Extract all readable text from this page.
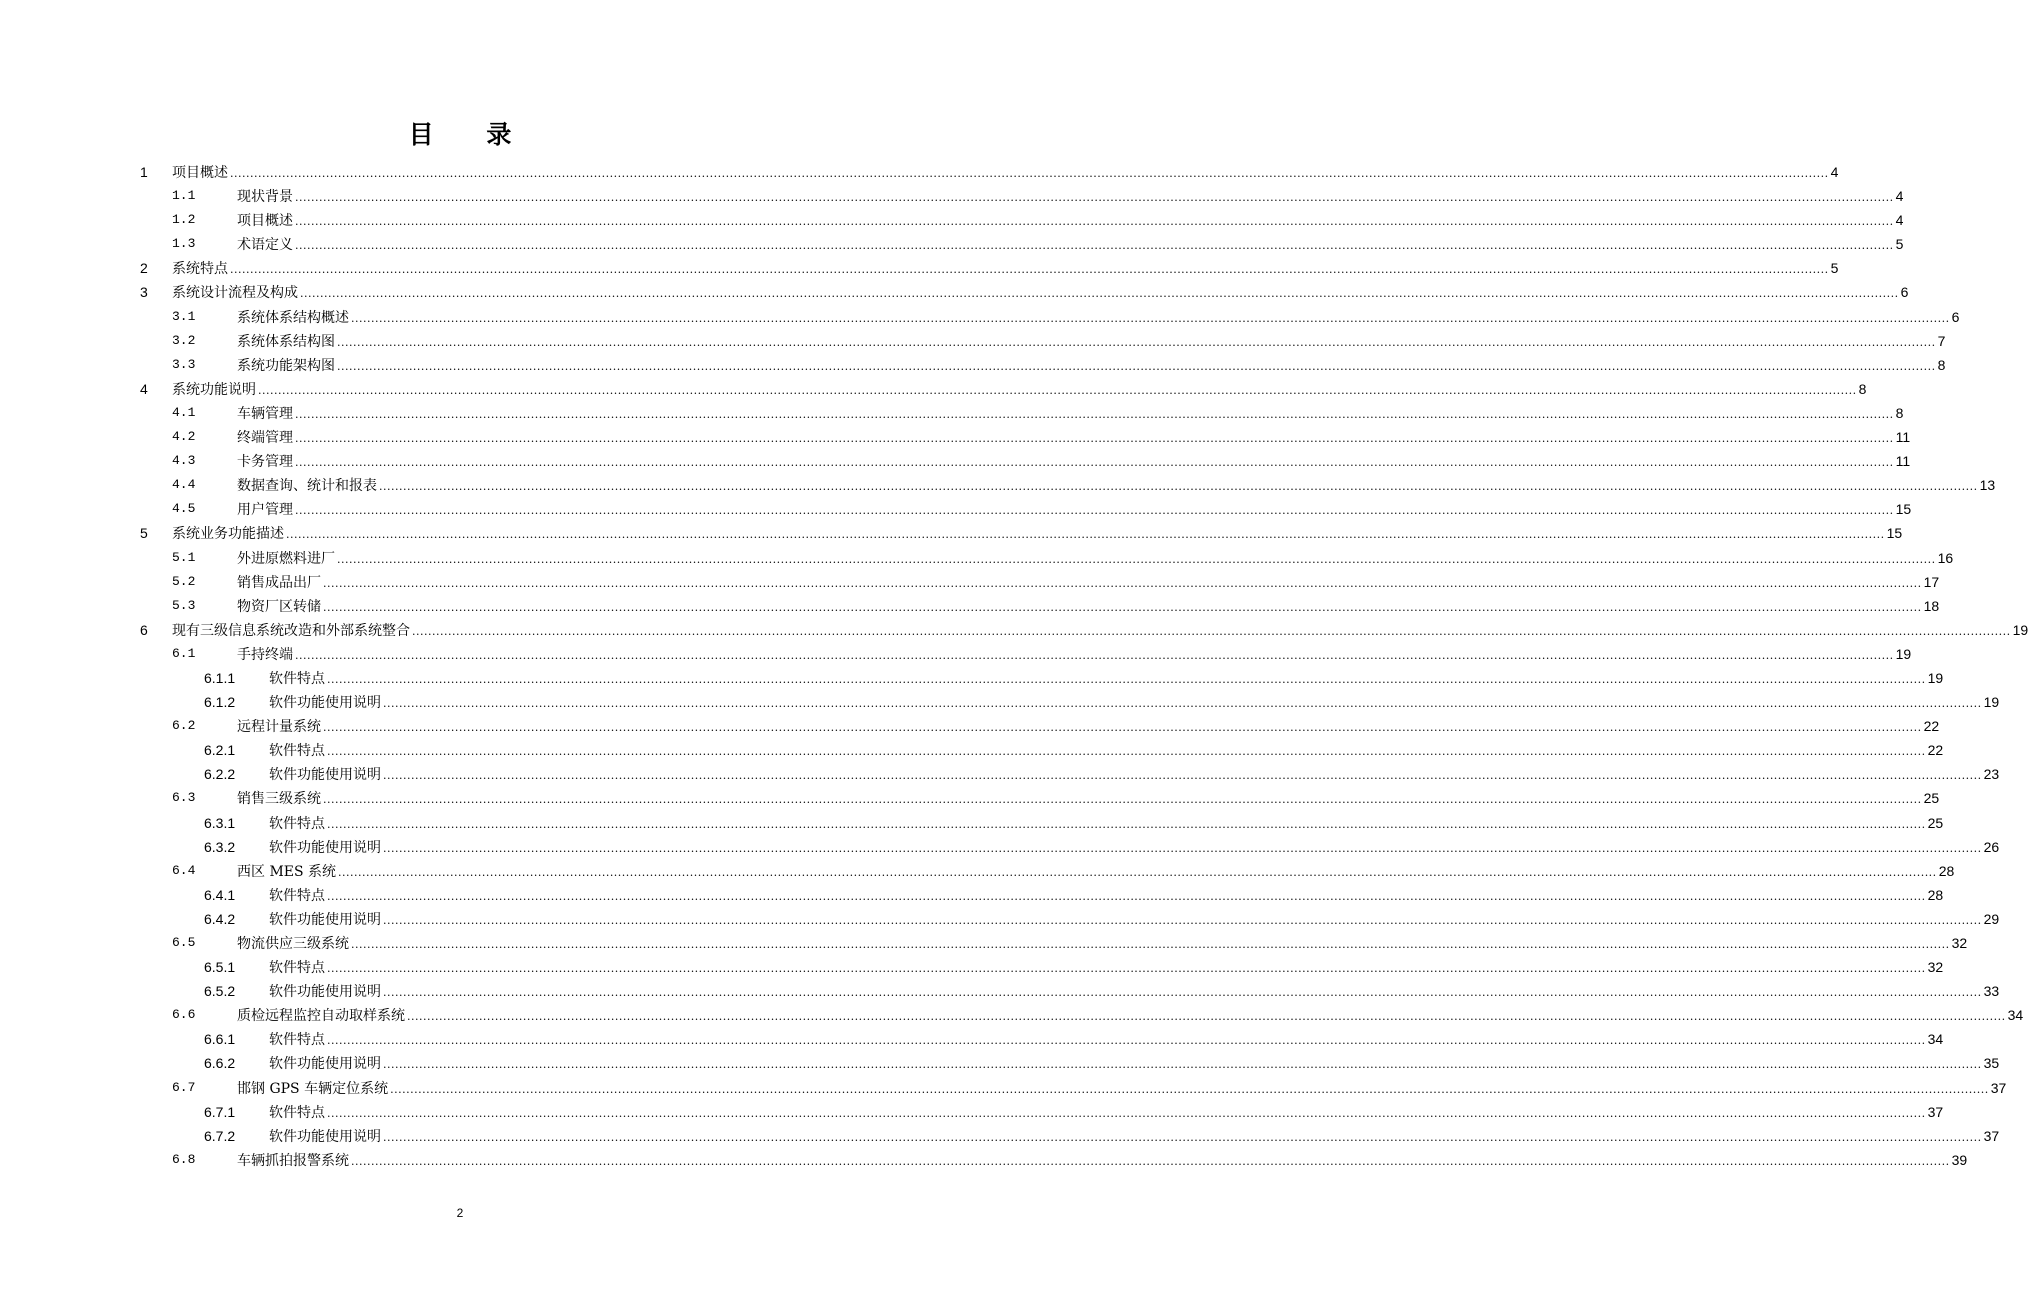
目 录
1 项目概述 ................................................................................................................................................................................................................................................................................................................................................................................................................ 4
1.1	现状背景 ................................................................................................................................................................................................................................................................................................................................................................................................................ 4
1.2	项目概述 ................................................................................................................................................................................................................................................................................................................................................................................................................ 4
1.3	术语定义 ................................................................................................................................................................................................................................................................................................................................................................................................................ 5
2 系统特点 ................................................................................................................................................................................................................................................................................................................................................................................................................ 5
3 系统设计流程及构成 ................................................................................................................................................................................................................................................................................................................................................................................................................ 6
3.1	系统体系结构概述 ................................................................................................................................................................................................................................................................................................................................................................................................................ 6
3.2	系统体系结构图 ................................................................................................................................................................................................................................................................................................................................................................................................................ 7
3.3	系统功能架构图 ................................................................................................................................................................................................................................................................................................................................................................................................................ 8
4 系统功能说明 ................................................................................................................................................................................................................................................................................................................................................................................................................ 8
4.1	车辆管理 ................................................................................................................................................................................................................................................................................................................................................................................................................ 8
4.2	终端管理 ................................................................................................................................................................................................................................................................................................................................................................................................................ 11
4.3	卡务管理 ................................................................................................................................................................................................................................................................................................................................................................................................................ 11
4.4	数据查询、统计和报表 ................................................................................................................................................................................................................................................................................................................................................................................................................ 13
4.5	用户管理 ................................................................................................................................................................................................................................................................................................................................................................................................................ 15
5 系统业务功能描述 ................................................................................................................................................................................................................................................................................................................................................................................................................ 15
5.1	外进原燃料进厂 ................................................................................................................................................................................................................................................................................................................................................................................................................ 16
5.2	销售成品出厂 ................................................................................................................................................................................................................................................................................................................................................................................................................ 17
5.3	物资厂区转储 ................................................................................................................................................................................................................................................................................................................................................................................................................ 18
6 现有三级信息系统改造和外部系统整合 ................................................................................................................................................................................................................................................................................................................................................................................................................ 19
6.1	手持终端 ................................................................................................................................................................................................................................................................................................................................................................................................................ 19
6.1.1 软件特点 ................................................................................................................................................................................................................................................................................................................................................................................................................ 19
6.1.2 软件功能使用说明 ................................................................................................................................................................................................................................................................................................................................................................................................................ 19
6.2	远程计量系统 ................................................................................................................................................................................................................................................................................................................................................................................................................ 22
6.2.1 软件特点 ................................................................................................................................................................................................................................................................................................................................................................................................................ 22
6.2.2 软件功能使用说明 ................................................................................................................................................................................................................................................................................................................................................................................................................ 23
6.3	销售三级系统 ................................................................................................................................................................................................................................................................................................................................................................................................................ 25
6.3.1 软件特点 ................................................................................................................................................................................................................................................................................................................................................................................................................ 25
6.3.2 软件功能使用说明 ................................................................................................................................................................................................................................................................................................................................................................................................................ 26
6.4	西区 MES 系统 ................................................................................................................................................................................................................................................................................................................................................................................................................ 28
6.4.1 软件特点 ................................................................................................................................................................................................................................................................................................................................................................................................................ 28
6.4.2 软件功能使用说明 ................................................................................................................................................................................................................................................................................................................................................................................................................ 29
6.5	物流供应三级系统 ................................................................................................................................................................................................................................................................................................................................................................................................................ 32
6.5.1 软件特点 ................................................................................................................................................................................................................................................................................................................................................................................................................ 32
6.5.2 软件功能使用说明 ................................................................................................................................................................................................................................................................................................................................................................................................................ 33
6.6	质检远程监控自动取样系统 ................................................................................................................................................................................................................................................................................................................................................................................................................ 34
6.6.1 软件特点 ................................................................................................................................................................................................................................................................................................................................................................................................................ 34
6.6.2 软件功能使用说明 ................................................................................................................................................................................................................................................................................................................................................................................................................ 35
6.7	邯钢 GPS 车辆定位系统 ................................................................................................................................................................................................................................................................................................................................................................................................................ 37
6.7.1 软件特点 ................................................................................................................................................................................................................................................................................................................................................................................................................ 37
6.7.2 软件功能使用说明 ................................................................................................................................................................................................................................................................................................................................................................................................................ 37
6.8	车辆抓拍报警系统 ................................................................................................................................................................................................................................................................................................................................................................................................................ 39
2
